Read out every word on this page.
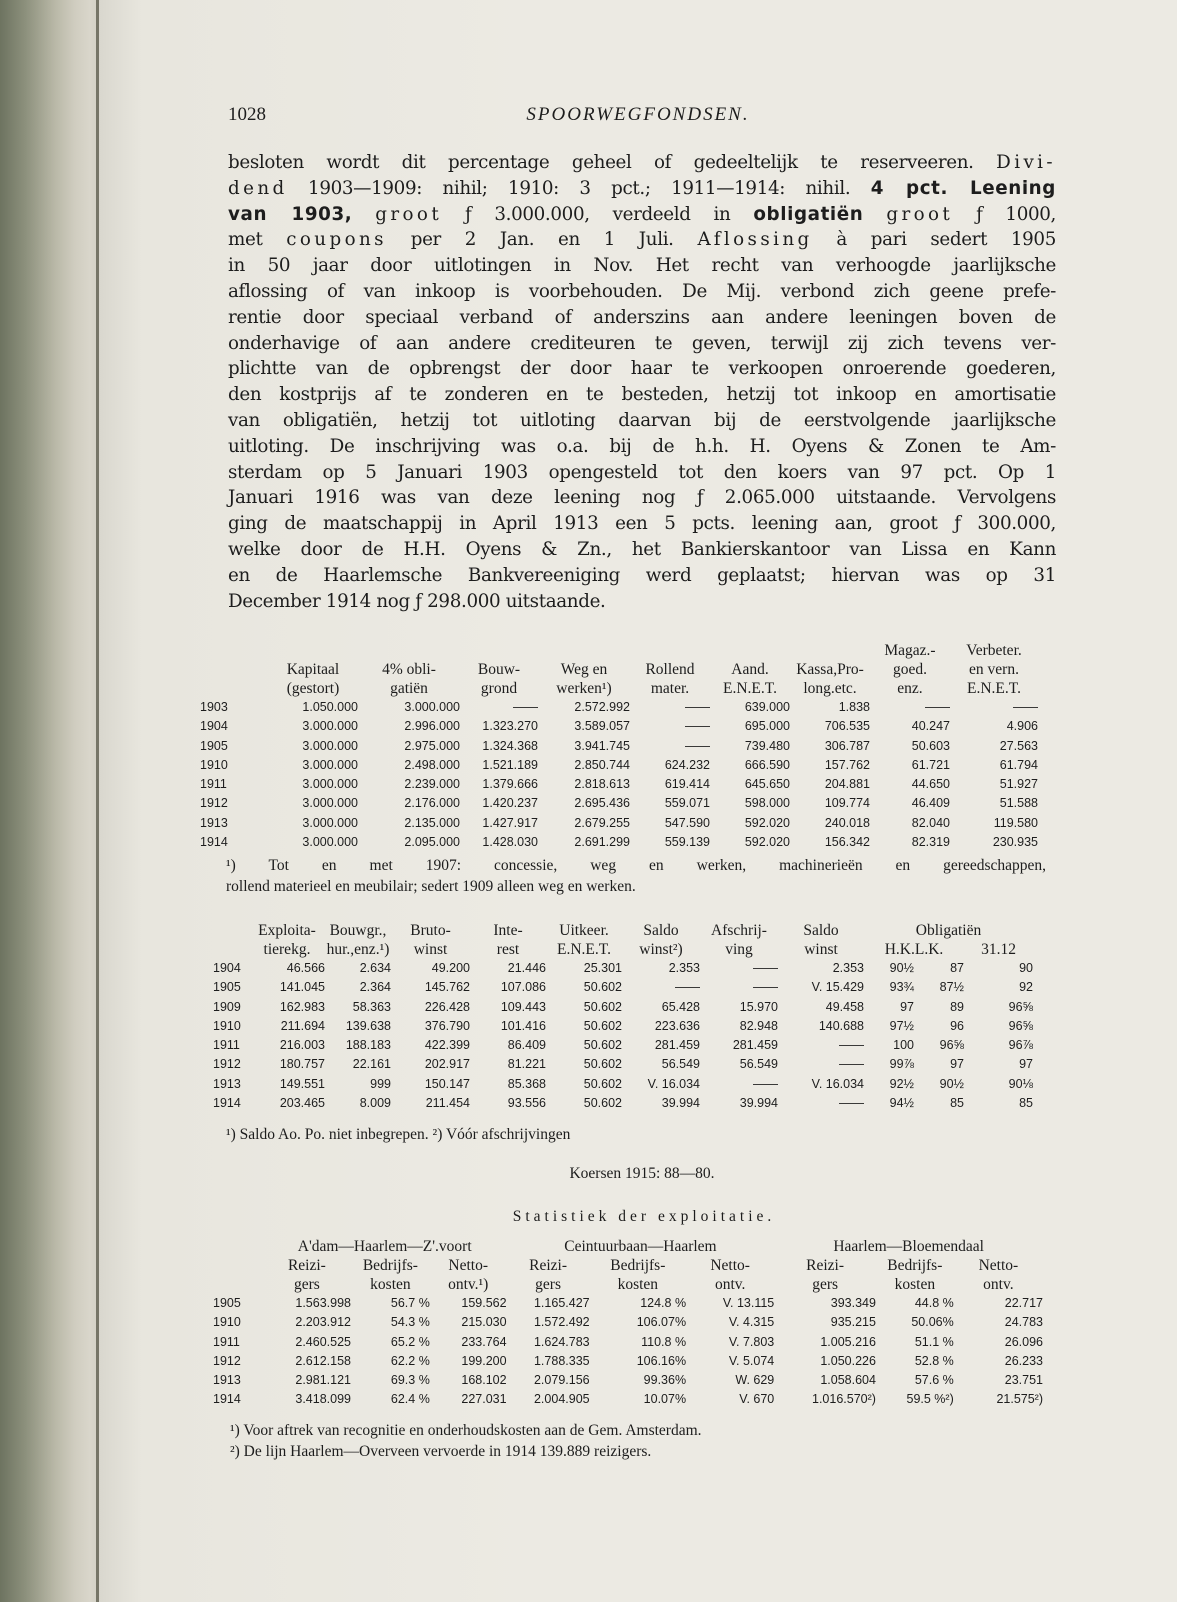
1028	SPOORWEGFONDSEN.
besloten wordt dit percentage geheel of gedeeltelijk te reserveeren. Divi-
dend 1903—1909: nihil; 1910: 3 pct.; 1911—1914: nihil. 4 pct. Leening
van 1903, groot ƒ 3.000.000, verdeeld in obligatiën groot ƒ 1000,
met coupons per 2 Jan. en 1 Juli. Aflossing à pari sedert 1905
in 50 jaar door uitlotingen in Nov. Het recht van verhoogde jaarlijksche
aflossing of van inkoop is voorbehouden. De Mij. verbond zich geene prefe-
rentie door speciaal verband of anderszins aan andere leeningen boven de
onderhavige of aan andere crediteuren te geven, terwijl zij zich tevens ver-
plichtte van de opbrengst der door haar te verkoopen onroerende goederen,
den kostprijs af te zonderen en te besteden, hetzij tot inkoop en amortisatie
van obligatiën, hetzij tot uitloting daarvan bij de eerstvolgende jaarlijksche
uitloting. De inschrijving was o.a. bij de h.h. H. Oyens & Zonen te Am-
sterdam op 5 Januari 1903 opengesteld tot den koers van 97 pct. Op 1
Januari 1916 was van deze leening nog ƒ 2.065.000 uitstaande. Vervolgens
ging de maatschappij in April 1913 een 5 pcts. leening aan, groot ƒ 300.000,
welke door de H.H. Oyens & Zn., het Bankierskantoor van Lissa en Kann
en de Haarlemsche Bankvereeniging werd geplaatst; hiervan was op 31
December 1914 nog ƒ 298.000 uitstaande.
								Magaz.-	Verbeter.
	Kapitaal	4% obli-	Bouw-	Weg en	Rollend	Aand.	Kassa,Pro-	goed.	en vern.
	(gestort)	gatiën	grond	werken¹)	mater.	E.N.E.T.	long.etc.	enz.	E.N.E.T.
1903	1.050.000	3.000.000	——	2.572.992	——	639.000	1.838	——	——
1904	3.000.000	2.996.000	1.323.270	3.589.057	——	695.000	706.535	40.247	4.906
1905	3.000.000	2.975.000	1.324.368	3.941.745	——	739.480	306.787	50.603	27.563
1910	3.000.000	2.498.000	1.521.189	2.850.744	624.232	666.590	157.762	61.721	61.794
1911	3.000.000	2.239.000	1.379.666	2.818.613	619.414	645.650	204.881	44.650	51.927
1912	3.000.000	2.176.000	1.420.237	2.695.436	559.071	598.000	109.774	46.409	51.588
1913	3.000.000	2.135.000	1.427.917	2.679.255	547.590	592.020	240.018	82.040	119.580
1914	3.000.000	2.095.000	1.428.030	2.691.299	559.139	592.020	156.342	82.319	230.935
¹) Tot en met 1907: concessie, weg en werken, machinerieën en gereedschappen,
rollend materieel en meubilair; sedert 1909 alleen weg en werken.
	Exploita-	Bouwgr.,	Bruto-	Inte-	Uitkeer.	Saldo	Afschrij-	Saldo	Obligatiën		
	tierekg.	hur.,enz.¹)	winst	rest	E.N.E.T.	winst²)	ving	winst	H.K.L.K.		31.12
1904	46.566	2.634	49.200	21.446	25.301	2.353	——	2.353	90½	87	90
1905	141.045	2.364	145.762	107.086	50.602	——	——	V. 15.429	93¾	87½	92
1909	162.983	58.363	226.428	109.443	50.602	65.428	15.970	49.458	97	89	96⅝
1910	211.694	139.638	376.790	101.416	50.602	223.636	82.948	140.688	97½	96	96⅝
1911	216.003	188.183	422.399	86.409	50.602	281.459	281.459	——	100	96⅝	96⅞
1912	180.757	22.161	202.917	81.221	50.602	56.549	56.549	——	99⅞	97	97
1913	149.551	999	150.147	85.368	50.602	V. 16.034	——	V. 16.034	92½	90½	90⅛
1914	203.465	8.009	211.454	93.556	50.602	39.994	39.994	——	94½	85	85
¹) Saldo Ao. Po. niet inbegrepen. ²) Vóór afschrijvingen
Koersen 1915: 88—80.
Statistiek der exploitatie.
	A'dam—Haarlem—Z'.voort			Ceintuurbaan—Haarlem			Haarlem—Bloemendaal		
	Reizi-	Bedrijfs-	Netto-	Reizi-	Bedrijfs-	Netto-	Reizi-	Bedrijfs-	Netto-
	gers	kosten	ontv.¹)	gers	kosten	ontv.	gers	kosten	ontv.
1905	1.563.998	56.7 %	159.562	1.165.427	124.8 %	V. 13.115	393.349	44.8 %	22.717
1910	2.203.912	54.3 %	215.030	1.572.492	106.07%	V. 4.315	935.215	50.06%	24.783
1911	2.460.525	65.2 %	233.764	1.624.783	110.8 %	V. 7.803	1.005.216	51.1 %	26.096
1912	2.612.158	62.2 %	199.200	1.788.335	106.16%	V. 5.074	1.050.226	52.8 %	26.233
1913	2.981.121	69.3 %	168.102	2.079.156	99.36%	W. 629	1.058.604	57.6 %	23.751
1914	3.418.099	62.4 %	227.031	2.004.905	10.07%	V. 670	1.016.570²)	59.5 %²)	21.575²)
¹) Voor aftrek van recognitie en onderhoudskosten aan de Gem. Amsterdam.
²) De lijn Haarlem—Overveen vervoerde in 1914 139.889 reizigers.
